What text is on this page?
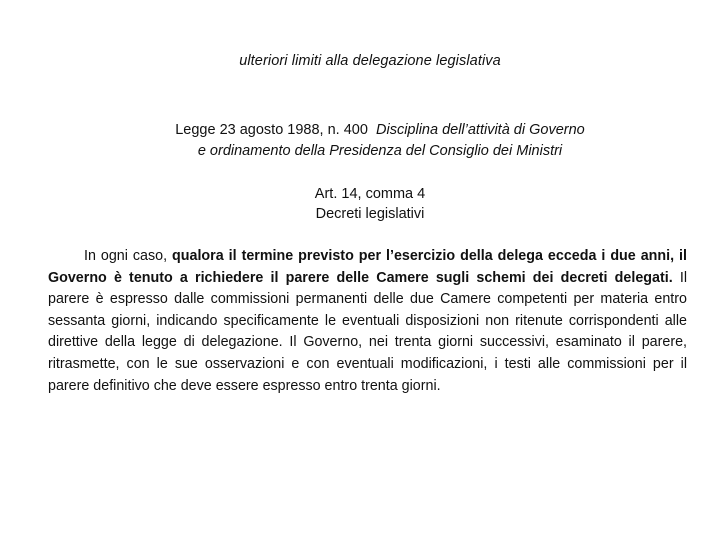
ulteriori limiti alla delegazione legislativa
Legge 23 agosto 1988, n. 400 Disciplina dell’attività di Governo
e ordinamento della Presidenza del Consiglio dei Ministri
Art. 14, comma 4
Decreti legislativi

In ogni caso, qualora il termine previsto per l’esercizio della delega ecceda i due anni, il Governo è tenuto a richiedere il parere delle Camere sugli schemi dei decreti delegati. Il parere è espresso dalle commissioni permanenti delle due Camere competenti per materia entro sessanta giorni, indicando specificamente le eventuali disposizioni non ritenute corrispondenti alle direttive della legge di delegazione. Il Governo, nei trenta giorni successivi, esaminato il parere, ritrasmette, con le sue osservazioni e con eventuali modificazioni, i testi alle commissioni per il parere definitivo che deve essere espresso entro trenta giorni.
